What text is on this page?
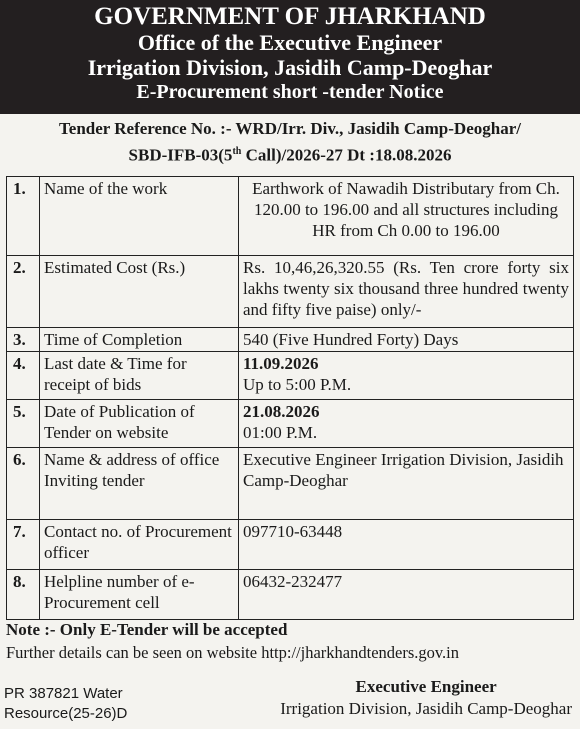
GOVERNMENT OF JHARKHAND
Office of the Executive Engineer
Irrigation Division, Jasidih Camp-Deoghar
E-Procurement short -tender Notice
Tender Reference No. :- WRD/Irr. Div., Jasidih Camp-Deoghar/
SBD-IFB-03(5th Call)/2026-27 Dt :18.08.2026
1.	Name of the work	Earthwork of Nawadih Distributary from Ch. 120.00 to 196.00 and all structures including HR from Ch 0.00 to 196.00
2.	Estimated Cost (Rs.)	Rs. 10,46,26,320.55 (Rs. Ten crore forty six lakhs twenty six thousand three hundred twenty and fifty five paise) only/-
3.	Time of Completion	540 (Five Hundred Forty) Days
4.	Last date & Time for receipt of bids	11.09.2026
Up to 5:00 P.M.

5.	Date of Publication of Tender on website	21.08.2026
01:00 P.M.

6.	Name & address of office Inviting tender	Executive Engineer Irrigation Division, Jasidih Camp-Deoghar
7.	Contact no. of Procurement officer	097710-63448
8.	Helpline number of e-Procurement cell	06432-232477
Note :- Only E-Tender will be accepted
Further details can be seen on website http://jharkhandtenders.gov.in
PR 387821 Water
Resource(25-26)D
Executive Engineer
Irrigation Division, Jasidih Camp-Deoghar
